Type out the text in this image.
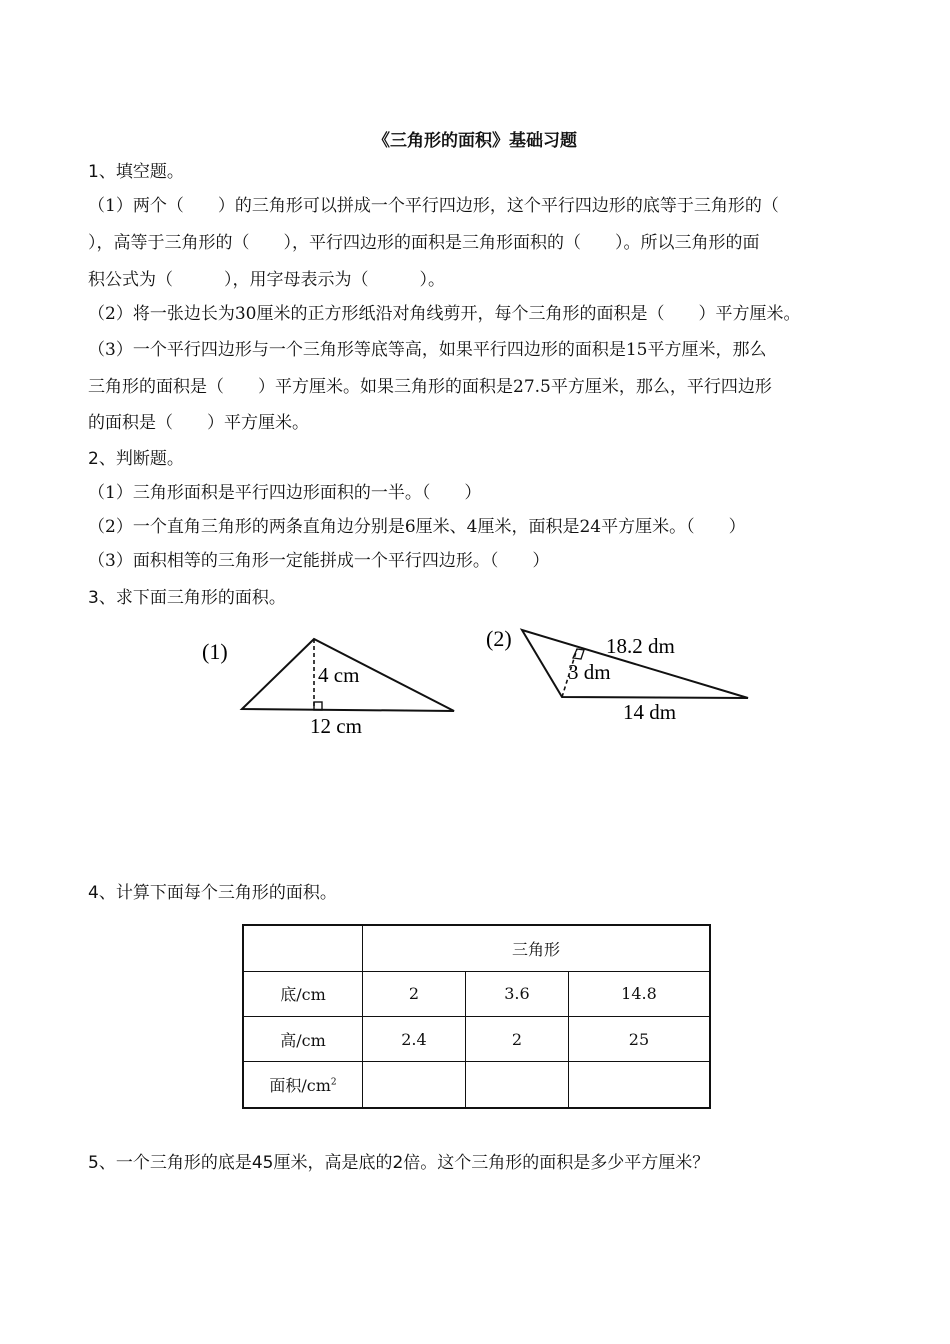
《三角形的面积》基础习题
1、填空题。
（1）两个（　　）的三角形可以拼成一个平行四边形，这个平行四边形的底等于三角形的（
），高等于三角形的（　　），平行四边形的面积是三角形面积的（　　）。所以三角形的面
积公式为（　　　），用字母表示为（　　　）。
（2）将一张边长为30厘米的正方形纸沿对角线剪开，每个三角形的面积是（　　）平方厘米。
（3）一个平行四边形与一个三角形等底等高，如果平行四边形的面积是15平方厘米，那么
三角形的面积是（　　）平方厘米。如果三角形的面积是27.5平方厘米，那么，平行四边形
的面积是（　　）平方厘米。
2、判断题。
（1）三角形面积是平行四边形面积的一半。（　　）
（2）一个直角三角形的两条直角边分别是6厘米、4厘米，面积是24平方厘米。（　　）
（3）面积相等的三角形一定能拼成一个平行四边形。（　　）
3、求下面三角形的面积。
(1)
4 cm
12 cm
(2)	18.2 dm
3 dm
14 dm
4、计算下面每个三角形的面积。
	三角形		
底/cm	2	3.6	14.8
高/cm	2.4	2	25
面积$/cm^2$			
5、一个三角形的底是45厘米，高是底的2倍。这个三角形的面积是多少平方厘米？
